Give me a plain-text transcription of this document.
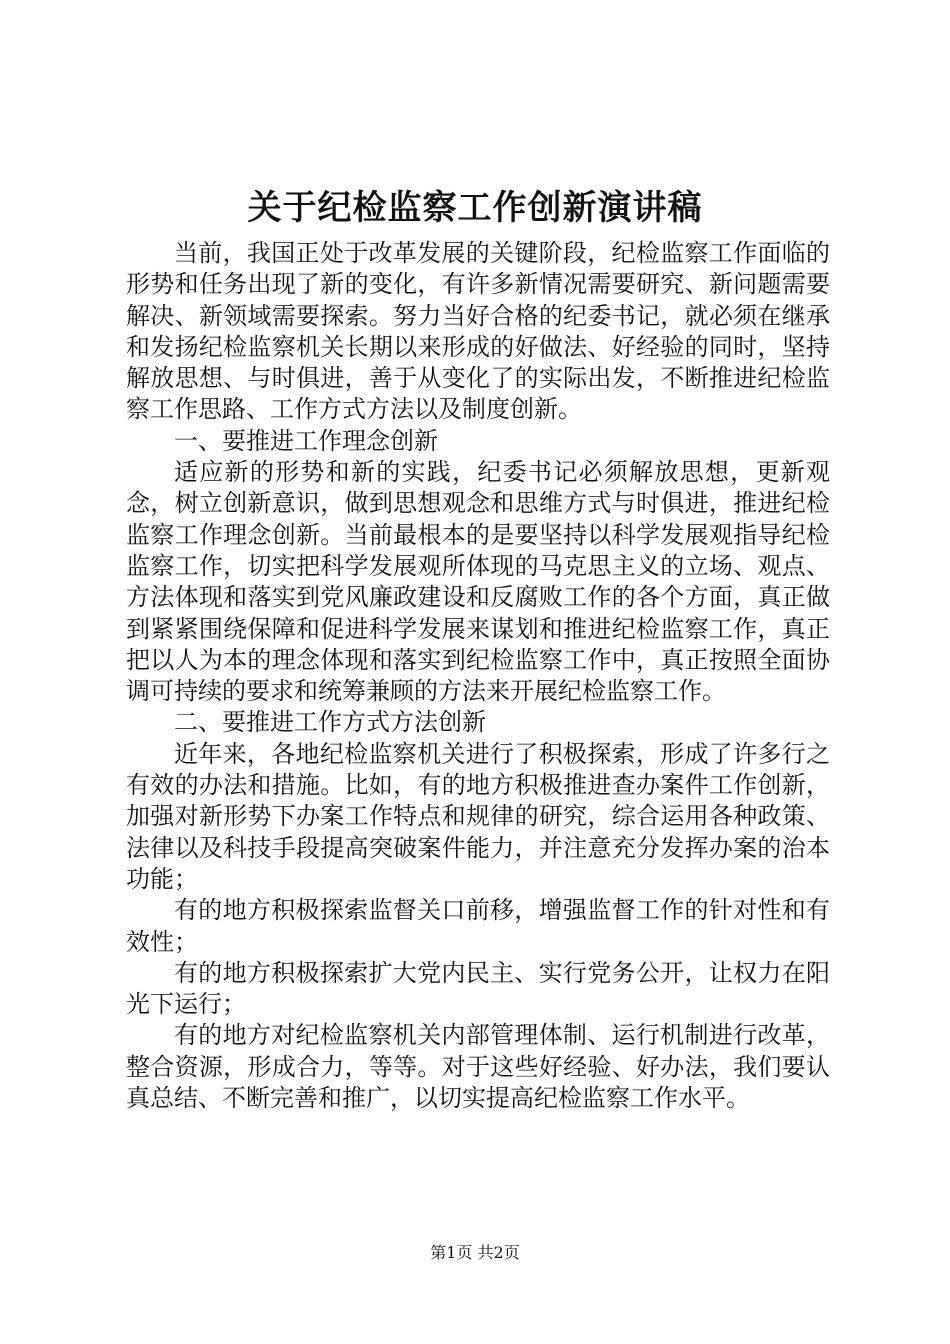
关于纪检监察工作创新演讲稿

当前，我国正处于改革发展的关键阶段，纪检监察工作面临的形势和任务出现了新的变化，有许多新情况需要研究、新问题需要解决、新领域需要探索。努力当好合格的纪委书记，就必须在继承和发扬纪检监察机关长期以来形成的好做法、好经验的同时，坚持解放思想、与时俱进，善于从变化了的实际出发，不断推进纪检监察工作思路、工作方式方法以及制度创新。

一、要推进工作理念创新

适应新的形势和新的实践，纪委书记必须解放思想，更新观念，树立创新意识，做到思想观念和思维方式与时俱进，推进纪检监察工作理念创新。当前最根本的是要坚持以科学发展观指导纪检监察工作，切实把科学发展观所体现的马克思主义的立场、观点、方法体现和落实到党风廉政建设和反腐败工作的各个方面，真正做到紧紧围绕保障和促进科学发展来谋划和推进纪检监察工作，真正把以人为本的理念体现和落实到纪检监察工作中，真正按照全面协调可持续的要求和统筹兼顾的方法来开展纪检监察工作。

二、要推进工作方式方法创新

近年来，各地纪检监察机关进行了积极探索，形成了许多行之有效的办法和措施。比如，有的地方积极推进查办案件工作创新，加强对新形势下办案工作特点和规律的研究，综合运用各种政策、法律以及科技手段提高突破案件能力，并注意充分发挥办案的治本功能；

有的地方积极探索监督关口前移，增强监督工作的针对性和有效性；

有的地方积极探索扩大党内民主、实行党务公开，让权力在阳光下运行；

有的地方对纪检监察机关内部管理体制、运行机制进行改革，整合资源，形成合力，等等。对于这些好经验、好办法，我们要认真总结、不断完善和推广，以切实提高纪检监察工作水平。

第1页 共2页
